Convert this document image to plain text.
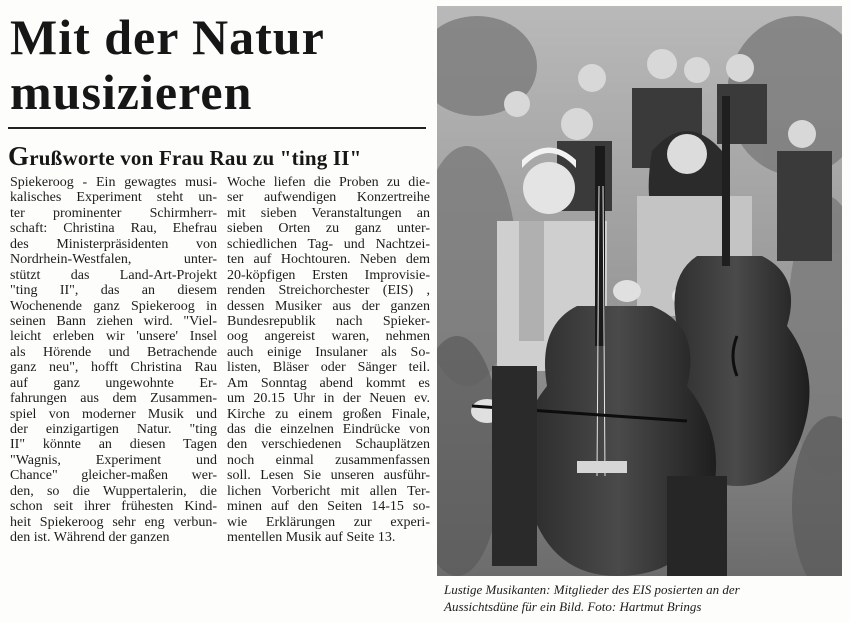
Mit der Natur
musizieren
Grußworte von Frau Rau zu "ting II"
Spiekeroog - Ein gewagtes musi-
kalisches Experiment steht un-
ter prominenter Schirmherr-
schaft: Christina Rau, Ehefrau
des Ministerpräsidenten von
Nordrhein-Westfalen, unter-
stützt das Land-Art-Projekt
"ting II", das an diesem
Wochenende ganz Spiekeroog in
seinen Bann ziehen wird. "Viel-
leicht erleben wir 'unsere' Insel
als Hörende und Betrachende
ganz neu", hofft Christina Rau
auf ganz ungewohnte Er-
fahrungen aus dem Zusammen-
spiel von moderner Musik und
der einzigartigen Natur. "ting
II" könnte an diesen Tagen
"Wagnis, Experiment und
Chance" gleicher-maßen wer-
den, so die Wuppertalerin, die
schon seit ihrer frühesten Kind-
heit Spiekeroog sehr eng verbun-
den ist. Während der ganzen
Woche liefen die Proben zu die-
ser aufwendigen Konzertreihe
mit sieben Veranstaltungen an
sieben Orten zu ganz unter-
schiedlichen Tag- und Nachtzei-
ten auf Hochtouren. Neben dem
20-köpfigen Ersten Improvisie-
renden Streichorchester (EIS) ,
dessen Musiker aus der ganzen
Bundesrepublik nach Spieker-
oog angereist waren, nehmen
auch einige Insulaner als So-
listen, Bläser oder Sänger teil.
Am Sonntag abend kommt es
um 20.15 Uhr in der Neuen ev.
Kirche zu einem großen Finale,
das die einzelnen Eindrücke von
den verschiedenen Schauplätzen
noch einmal zusammenfassen
soll. Lesen Sie unseren ausführ-
lichen Vorbericht mit allen Ter-
minen auf den Seiten 14-15 so-
wie Erklärungen zur experi-
mentellen Musik auf Seite 13.

Lustige Musikanten: Mitglieder des EIS posierten an der
Aussichtsdüne für ein Bild. Foto: Hartmut Brings
